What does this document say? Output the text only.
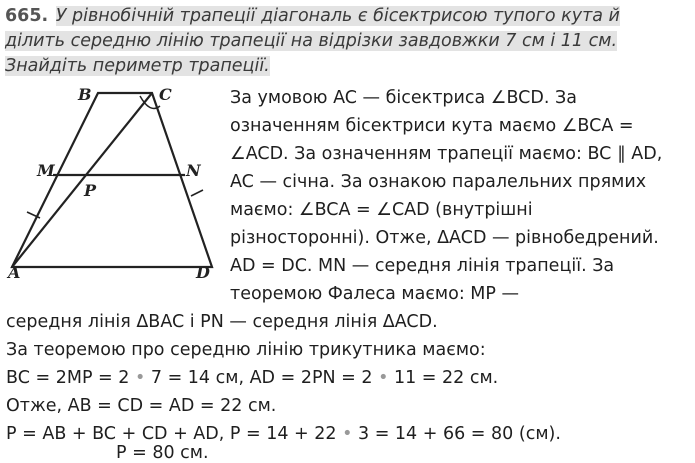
665. У рівнобічній трапеції діагональ є бісектрисою тупого кута й
ділить середню лінію трапеції на відрізки завдовжки 7 см і 11 см.
Знайдіть периметр трапеції.
B	C
M	N
P
A	D
За умовою AC — бісектриса ∠BCD. За
означенням бісектриси кута маємо ∠BCA =
∠ACD. За означенням трапеції маємо: BC ∥ AD,
AC — січна. За ознакою паралельних прямих
маємо: ∠BCA = ∠CAD (внутрішні
різносторонні). Отже, ΔACD — рівнобедрений.
AD = DC. MN — середня лінія трапеції. За
теоремою Фалеса маємо: MP —
середня лінія ΔBAC і PN — середня лінія ΔACD.
За теоремою про середню лінію трикутника маємо:
BC = 2MP = 2 • 7 = 14 см, AD = 2PN = 2 • 11 = 22 см.
Отже, AB = CD = AD = 22 см.
P = AB + BC + CD + AD, P = 14 + 22 • 3 = 14 + 66 = 80 (см).
P = 80 см.
